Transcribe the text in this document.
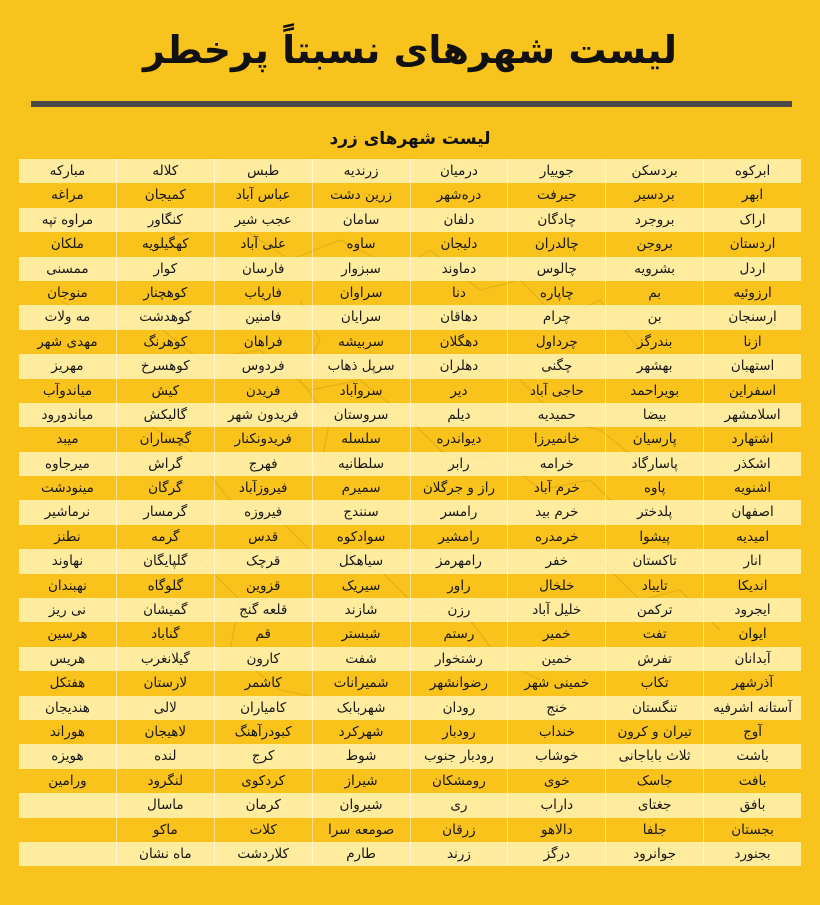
لیست شهرهای نسبتاً پرخطر
لیست شهرهای زرد
ابرکوه
بردسکن
جوییار
درمیان
زرندیه
طبس
کلاله
مبارکه
ابهر
بردسیر
جیرفت
دره‌شهر
زرین دشت
عباس آباد
کمیجان
مراغه
اراک
بروجرد
چادگان
دلفان
سامان
عجب شیر
کنگاور
مراوه تپه
اردستان
بروجن
چالدران
دلیجان
ساوه
علی آباد
کهگیلویه
ملکان
اردل
بشرویه
چالوس
دماوند
سبزوار
فارسان
کوار
ممسنی
ارزوئیه
بم
چاپاره
دنا
سراوان
فاریاب
کوهچنار
منوجان
ارسنجان
بن
چرام
دهاقان
سرایان
فامنین
کوهدشت
مه ولات
ازنا
بندرگز
چرداول
دهگلان
سربیشه
فراهان
کوهرنگ
مهدی شهر
استهبان
بهشهر
چگنی
دهلران
سرپل ذهاب
فردوس
کوهسرخ
مهریز
اسفراین
بویراحمد
حاجی آباد
دیر
سروآباد
فریدن
کیش
میاندوآب
اسلامشهر
بیضا
حمیدیه
دیلم
سروستان
فریدون شهر
گالیکش
میاندورود
اشتهارد
پارسیان
خانمیرزا
دیواندره
سلسله
فریدونکنار
گچساران
میبد
اشکذر
پاسارگاد
خرامه
رابر
سلطانیه
فهرج
گراش
میرجاوه
اشنویه
پاوه
خرم آباد
راز و جرگلان
سمیرم
فیروزآباد
گرگان
مینودشت
اصفهان
پلدختر
خرم بید
رامسر
سنندج
فیروزه
گرمسار
نرماشیر
امیدیه
پیشوا
خرمدره
رامشیر
سوادکوه
قدس
گرمه
نطنز
انار
تاکستان
خفر
رامهرمز
سیاهکل
قرچک
گلپایگان
نهاوند
اندیکا
تایباد
خلخال
راور
سیریک
قزوین
گلوگاه
نهبندان
ایجرود
ترکمن
خلیل آباد
رزن
شازند
قلعه گنج
گمیشان
نی ریز
ایوان
تفت
خمیر
رستم
شبستر
قم
گناباد
هرسین
آبدانان
تفرش
خمین
رشتخوار
شفت
کارون
گیلانغرب
هریس
آذرشهر
تکاب
خمینی شهر
رضوانشهر
شمیرانات
کاشمر
لارستان
هفتکل
آستانه اشرفیه
تنگستان
خنج
رودان
شهربابک
کامیاران
لالی
هندیجان
آوج
تیران و کرون
خنداب
رودبار
شهرکرد
کبودرآهنگ
لاهیجان
هوراند
باشت
ثلاث باباجانی
خوشاب
رودبار جنوب
شوط
کرج
لنده
هویزه
بافت
جاسک
خوی
رومشکان
شیراز
کردکوی
لنگرود
ورامین
بافق
جغتای
داراب
ری
شیروان
کرمان
ماسال
بجستان
جلفا
دالاهو
زرقان
صومعه سرا
کلات
ماکو
بجنورد
جوانرود
درگز
زرند
طارم
کلاردشت
ماه نشان
